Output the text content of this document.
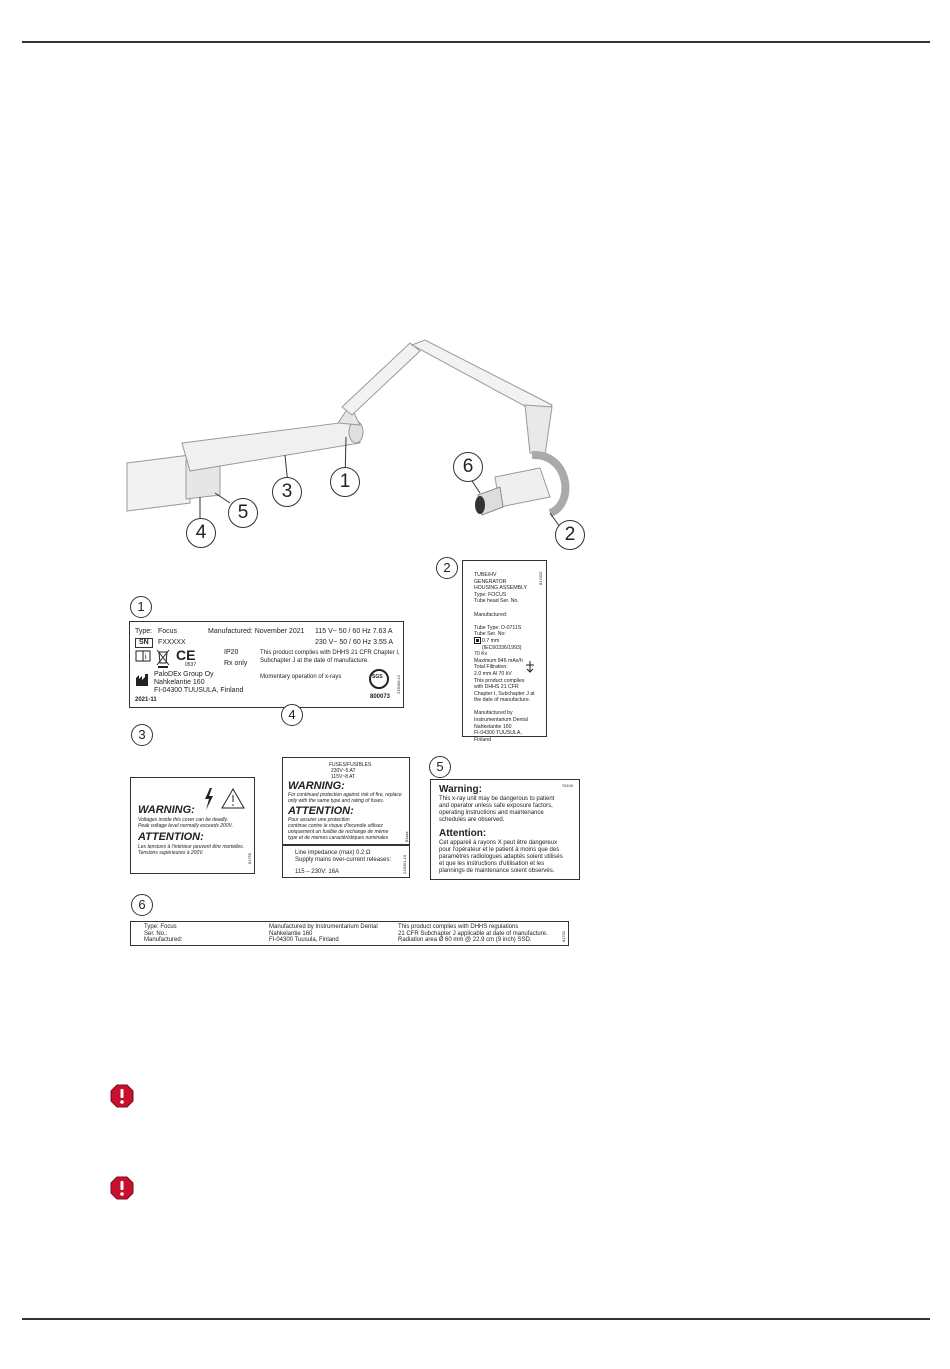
1
3
5
4
6
2
1
Type: Focus	Manufactured: November 2021 115 V~ 50 / 60 Hz 7.63 A
230 V~ 50 / 60 Hz 3.55 A
SN	FXXXXX
i CE
0537
IP20
Rx only
This product complies with DHHS 21 CFR Chapter I,
Subchapter J at the date of manufacture.
PaloDEx Group Oy
Nahkelantie 160
FI-04300 TUUSULA, Finland
Momentary operation of x-rays	SGS
800073
2021-11
215060-12
2	TUBE/HV
GENERATOR
HOUSING ASSEMBLY
Type: FOCUS
Tube head Ser. No.

Manufactured:

Tube Type: D-0711S
Tube Ser. No:
0.7 mm
(IEC60336/1993)
70 Kv
Maximum 846 mAs/h
Total Filtration:
2.0 mm Al 70 kV
This product complies
with DHHS 21 CFR
Chapter I, Subchapter J at
the date of manufacture.

Manufactured by
Instrumentarium Dental
Nahkelantie 160
FI-04300 TUUSULA,
Finland
817020
3
WARNING:
Voltages inside this cover can be deadly.
Peak voltage level normally exceeds 200V.
ATTENTION:
Les tensions à l'intérieur peuvent être mortelles.
Tensions supérieures à 200V.	81755
4
FUSES/FUSIBLES
230V~5 AT
115V~8 AT
WARNING:
For continued protection against risk of fire, replace
only with the same type and rating of fuses.
ATTENTION:
Pour assurer une protection
continue contre le risque d'incendie utilisez
uniquement un fusible de rechange de mème
type et de memes caractéristiques nominales	81xxx
Line impedance (max) 0.2 Ω
Supply mains over-current releases:
115 – 230V: 16A	215061-10
5
70100
Warning:
This x-ray unit may be dangerous to patient
and operator unless safe exposure factors,
operating instructions and maintenance
schedules are observed.
Attention:
Cet appareil à rayons X peut être dangereux
pour l'opérateur et le patient à moins que des
paramètres radiologues adaptés soient utilisés
et que les instructions d'utilisation et les
plannings de maintenance soient observés.
6
Type: Focus
Ser. No.:
Manufactured:
Manufactured by Instrumentarium Dental
Nahkelantie 160
FI-04300 Tuusula, Finland
This product complies with DHHS regulations
21 CFR Subchapter J applicable at date of manufacture.
Radiation area Ø 60 mm @ 22.9 cm (9 inch) SSD.	81702
